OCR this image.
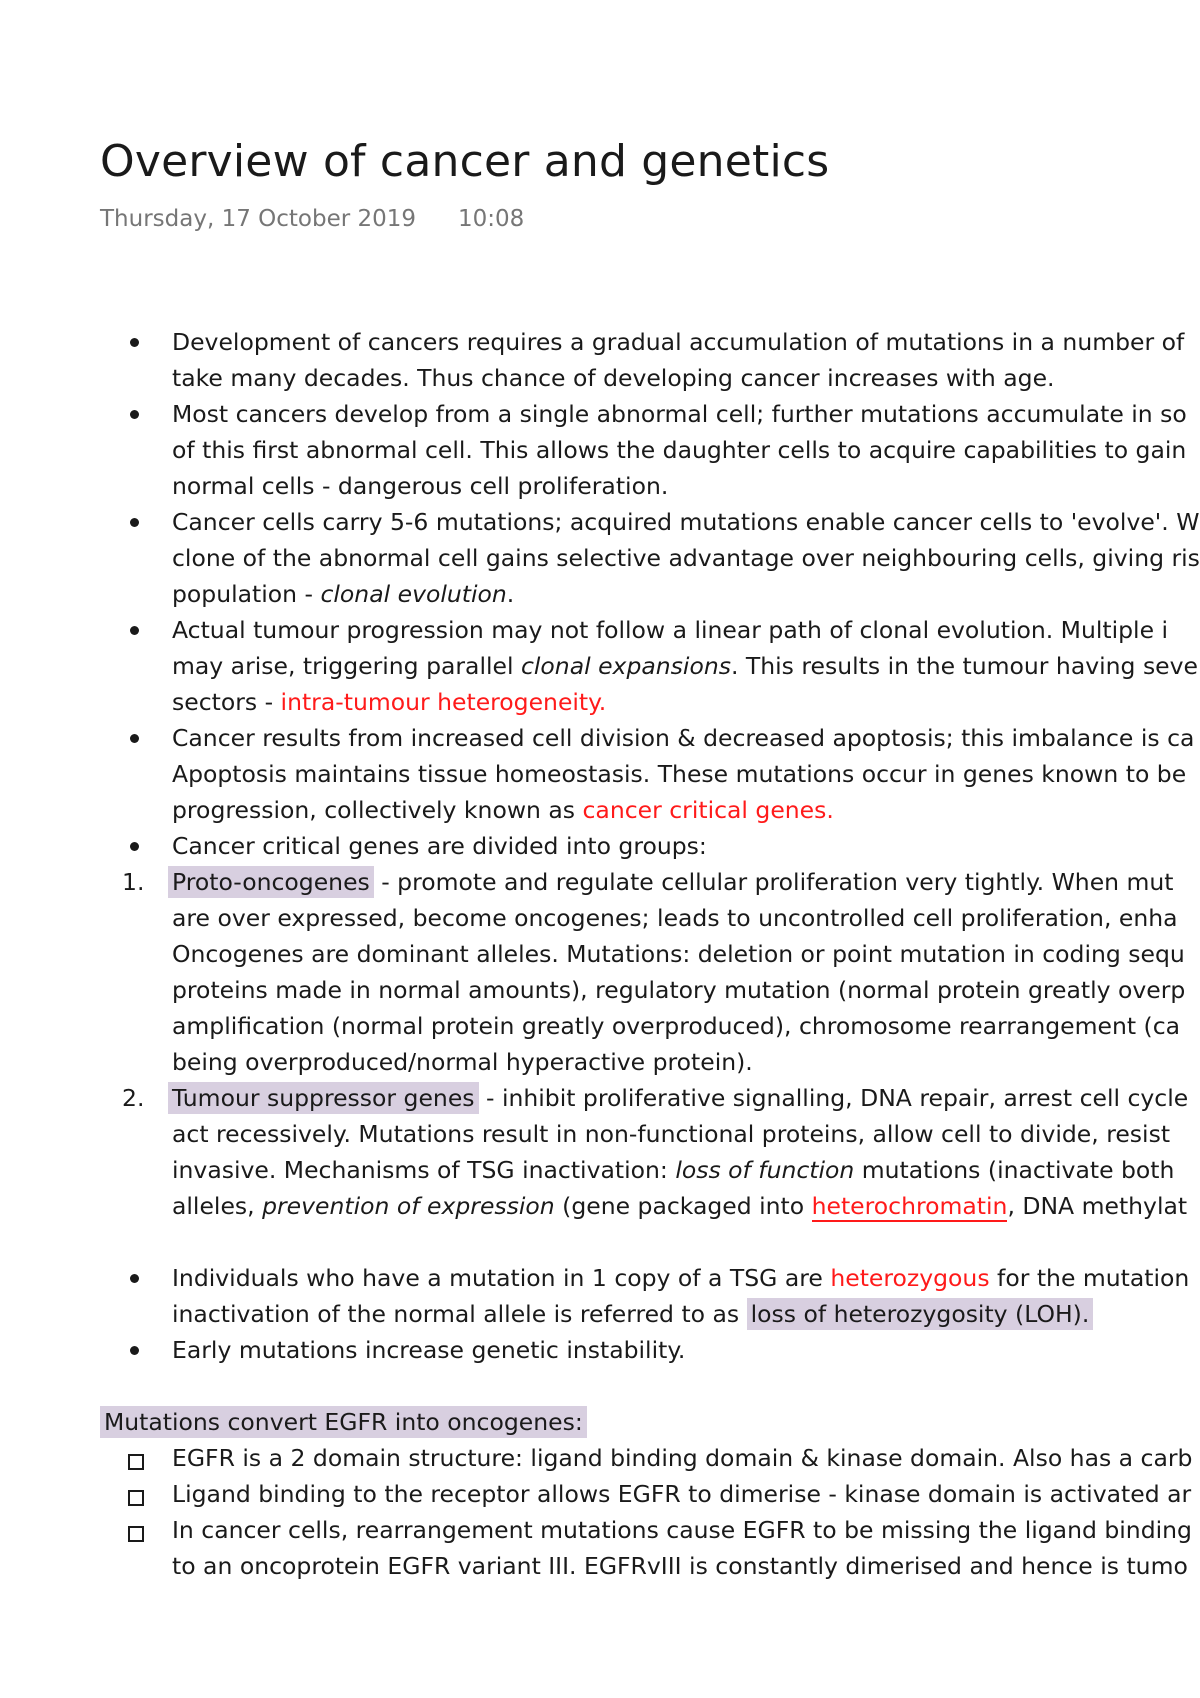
Overview of cancer and genetics
Thursday, 17 October 2019 10:08
Development of cancers requires a gradual accumulation of mutations in a number of
take many decades. Thus chance of developing cancer increases with age.
Most cancers develop from a single abnormal cell; further mutations accumulate in so
of this first abnormal cell. This allows the daughter cells to acquire capabilities to gain
normal cells - dangerous cell proliferation.
Cancer cells carry 5-6 mutations; acquired mutations enable cancer cells to 'evolve'. W
clone of the abnormal cell gains selective advantage over neighbouring cells, giving ris
population - clonal evolution.
Actual tumour progression may not follow a linear path of clonal evolution. Multiple i
may arise, triggering parallel clonal expansions. This results in the tumour having seve
sectors - intra-tumour heterogeneity.
Cancer results from increased cell division & decreased apoptosis; this imbalance is ca
Apoptosis maintains tissue homeostasis. These mutations occur in genes known to be
progression, collectively known as cancer critical genes.
Cancer critical genes are divided into groups:
1. Proto-oncogenes - promote and regulate cellular proliferation very tightly. When mut
are over expressed, become oncogenes; leads to uncontrolled cell proliferation, enha
Oncogenes are dominant alleles. Mutations: deletion or point mutation in coding sequ
proteins made in normal amounts), regulatory mutation (normal protein greatly overp
amplification (normal protein greatly overproduced), chromosome rearrangement (ca
being overproduced/normal hyperactive protein).
2. Tumour suppressor genes - inhibit proliferative signalling, DNA repair, arrest cell cycle
act recessively. Mutations result in non-functional proteins, allow cell to divide, resist
invasive. Mechanisms of TSG inactivation: loss of function mutations (inactivate both
alleles, prevention of expression (gene packaged into heterochromatin, DNA methylat
Individuals who have a mutation in 1 copy of a TSG are heterozygous for the mutation
inactivation of the normal allele is referred to as loss of heterozygosity (LOH).
Early mutations increase genetic instability.
Mutations convert EGFR into oncogenes:
EGFR is a 2 domain structure: ligand binding domain & kinase domain. Also has a carb
Ligand binding to the receptor allows EGFR to dimerise - kinase domain is activated ar
In cancer cells, rearrangement mutations cause EGFR to be missing the ligand binding
to an oncoprotein EGFR variant III. EGFRvIII is constantly dimerised and hence is tumo
